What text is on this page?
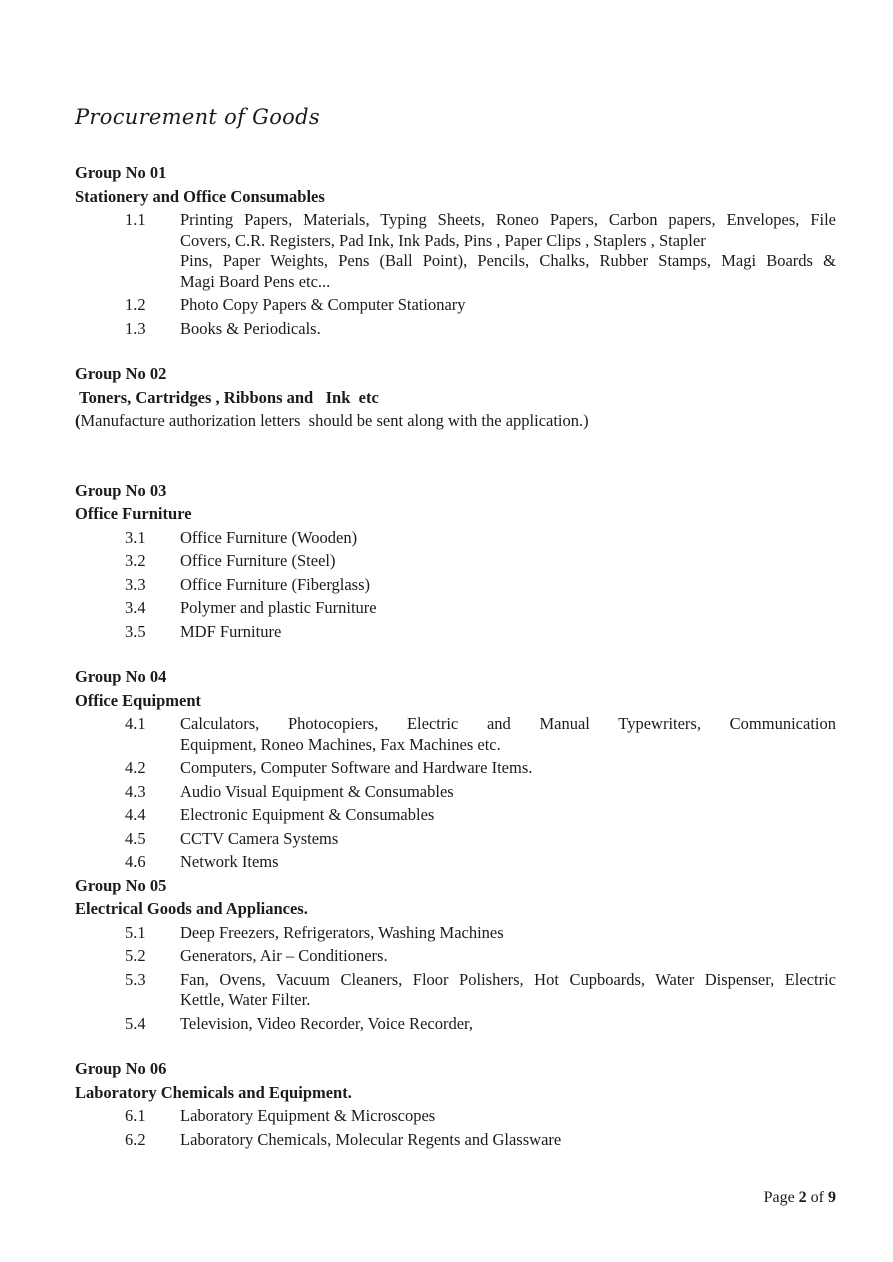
Procurement of Goods
Group No 01
Stationery and Office Consumables
1.1	Printing Papers, Materials, Typing Sheets, Roneo Papers, Carbon papers, Envelopes, File
Covers, C.R. Registers, Pad Ink, Ink Pads, Pins , Paper Clips , Staplers , Stapler
Pins, Paper Weights, Pens (Ball Point), Pencils, Chalks, Rubber Stamps, Magi Boards &
Magi Board Pens etc...
1.2	Photo Copy Papers & Computer Stationary
1.3	Books & Periodicals.
Group No 02
Toners, Cartridges , Ribbons and   Ink  etc
(Manufacture authorization letters  should be sent along with the application.)
Group No 03
Office Furniture
3.1	Office Furniture (Wooden)
3.2	Office Furniture (Steel)
3.3	Office Furniture (Fiberglass)
3.4	Polymer and plastic Furniture
3.5	MDF Furniture
Group No 04
Office Equipment
4.1	Calculators, Photocopiers, Electric and Manual Typewriters, Communication
Equipment, Roneo Machines, Fax Machines etc.
4.2	Computers, Computer Software and Hardware Items.
4.3	Audio Visual Equipment & Consumables
4.4	Electronic Equipment & Consumables
4.5	CCTV Camera Systems
4.6	Network Items
Group No 05
Electrical Goods and Appliances.
5.1	Deep Freezers, Refrigerators, Washing Machines
5.2	Generators, Air – Conditioners.
5.3	Fan, Ovens, Vacuum Cleaners, Floor Polishers, Hot Cupboards, Water Dispenser, Electric
Kettle, Water Filter.
5.4	Television, Video Recorder, Voice Recorder,
Group No 06
Laboratory Chemicals and Equipment.
6.1	Laboratory Equipment & Microscopes
6.2	Laboratory Chemicals, Molecular Regents and Glassware
Page 2 of 9
